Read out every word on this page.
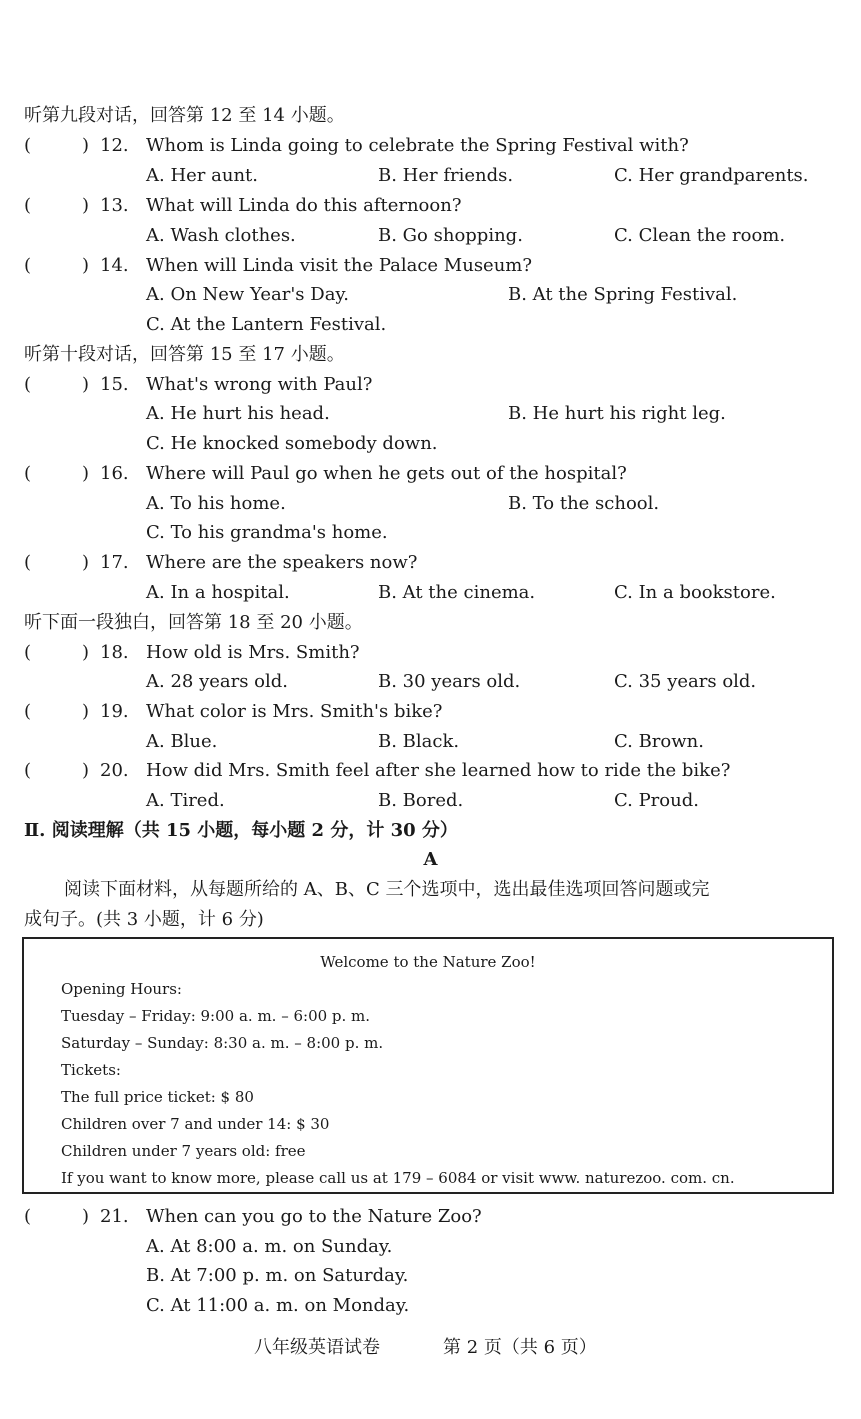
听第九段对话，回答第 12 至 14 小题。
(	) 12. Whom is Linda going to celebrate the Spring Festival with?
A. Her aunt.	B. Her friends.	C. Her grandparents.
(	) 13. What will Linda do this afternoon?
A. Wash clothes.	B. Go shopping.	C. Clean the room.
(	) 14. When will Linda visit the Palace Museum?
A. On New Year's Day.	B. At the Spring Festival.
C. At the Lantern Festival.
听第十段对话，回答第 15 至 17 小题。
(	) 15. What's wrong with Paul?
A. He hurt his head.	B. He hurt his right leg.
C. He knocked somebody down.
(	) 16. Where will Paul go when he gets out of the hospital?
A. To his home.	B. To the school.
C. To his grandma's home.
(	) 17. Where are the speakers now?
A. In a hospital.	B. At the cinema.	C. In a bookstore.
听下面一段独白，回答第 18 至 20 小题。
(	) 18. How old is Mrs. Smith?
A. 28 years old.	B. 30 years old.	C. 35 years old.
(	) 19. What color is Mrs. Smith's bike?
A. Blue.	B. Black.	C. Brown.
(	) 20. How did Mrs. Smith feel after she learned how to ride the bike?
A. Tired.	B. Bored.	C. Proud.
Ⅱ. 阅读理解（共 15 小题，每小题 2 分，计 30 分）
A
阅读下面材料，从每题所给的 A、B、C 三个选项中，选出最佳选项回答问题或完
成句子。(共 3 小题，计 6 分)
Welcome to the Nature Zoo!
Opening Hours:
Tuesday – Friday: 9:00 a. m. – 6:00 p. m.
Saturday – Sunday: 8:30 a. m. – 8:00 p. m.
Tickets:
The full price ticket: $ 80
Children over 7 and under 14: $ 30
Children under 7 years old: free
If you want to know more, please call us at 179 – 6084 or visit www. naturezoo. com. cn.
(	) 21. When can you go to the Nature Zoo?
A. At 8:00 a. m. on Sunday.
B. At 7:00 p. m. on Saturday.
C. At 11:00 a. m. on Monday.
八年级英语试卷	第 2 页（共 6 页）
